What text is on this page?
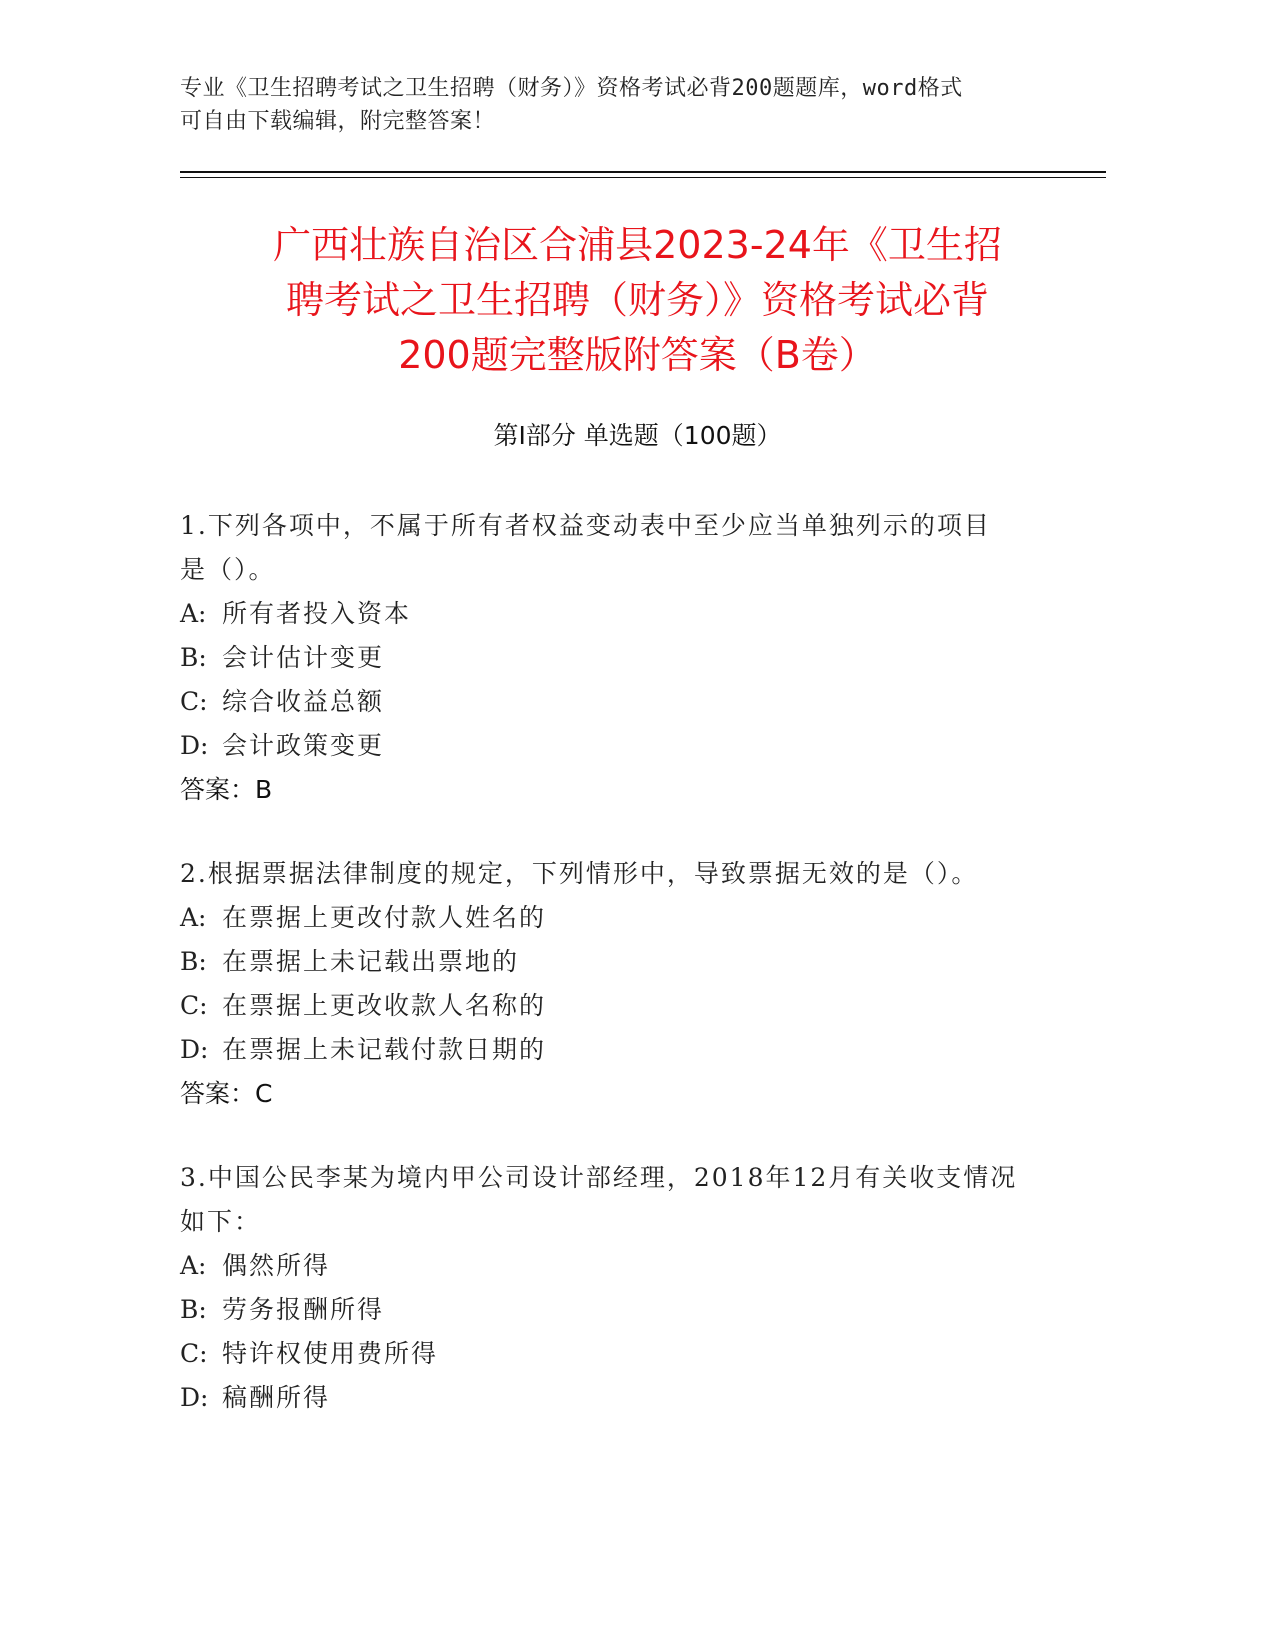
专业《卫生招聘考试之卫生招聘（财务）》资格考试必背200题题库，word格式
可自由下载编辑，附完整答案！
广西壮族自治区合浦县2023-24年《卫生招
聘考试之卫生招聘（财务）》资格考试必背
200题完整版附答案（B卷）
第Ⅰ部分 单选题（100题）
1.下列各项中，不属于所有者权益变动表中至少应当单独列示的项目
是（）。
A: 所有者投入资本
B: 会计估计变更
C: 综合收益总额
D: 会计政策变更
答案：B
2.根据票据法律制度的规定，下列情形中，导致票据无效的是（）。
A: 在票据上更改付款人姓名的
B: 在票据上未记载出票地的
C: 在票据上更改收款人名称的
D: 在票据上未记载付款日期的
答案：C
3.中国公民李某为境内甲公司设计部经理，2018年12月有关收支情况
如下：
A: 偶然所得
B: 劳务报酬所得
C: 特许权使用费所得
D: 稿酬所得
